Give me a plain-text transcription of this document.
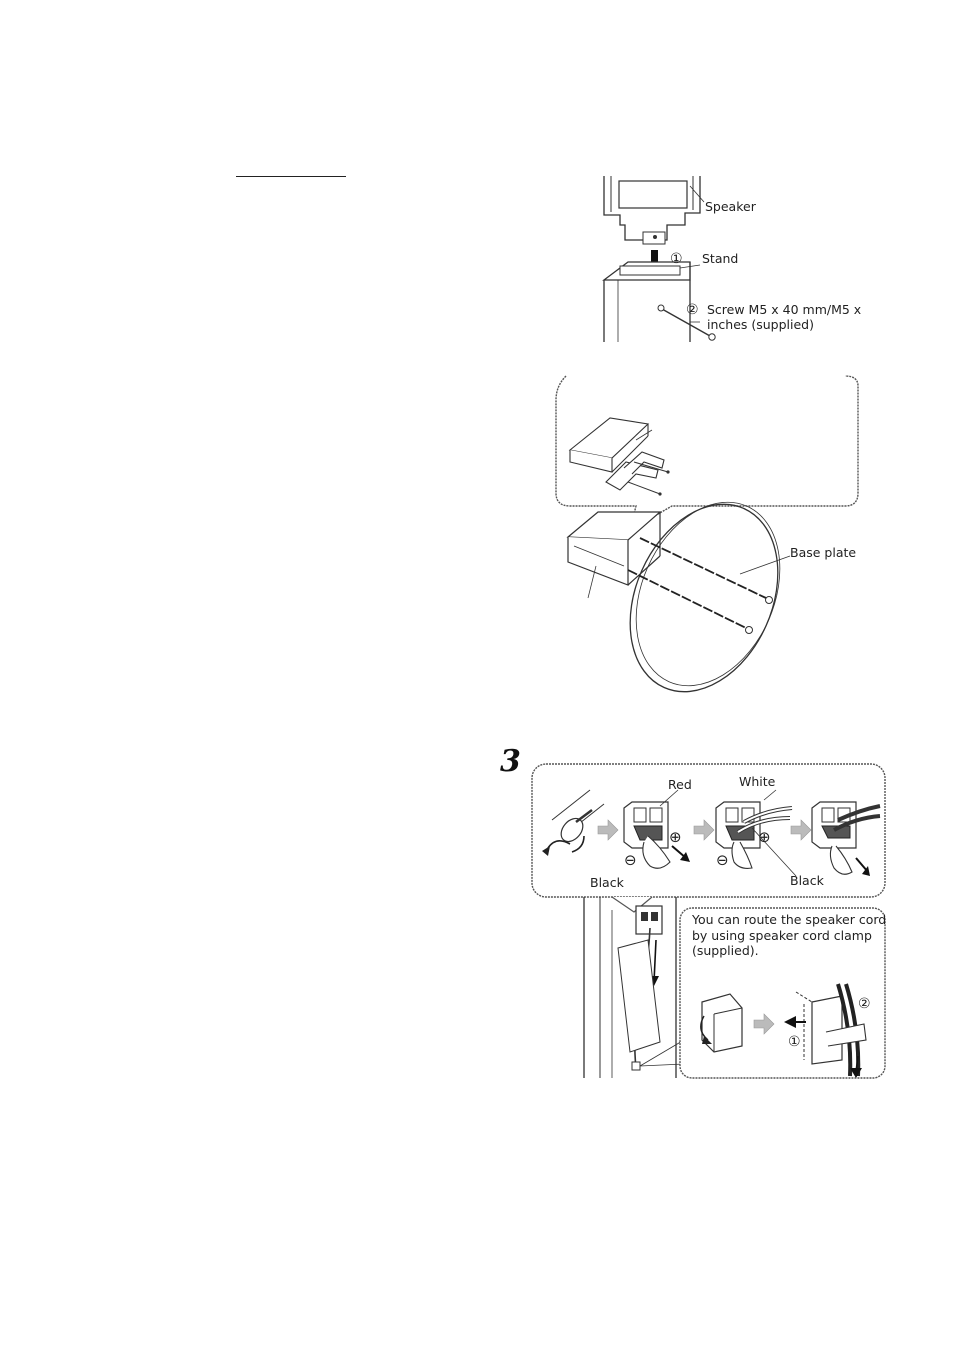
Speaker
① Stand
② Screw M5 x 40 mm/M5 x
inches (supplied)
Base plate
3
Red	White
⊕
⊖	⊖
⊕
Black	Black
You can route the speaker cord by using speaker cord clamp (supplied).
②
①
